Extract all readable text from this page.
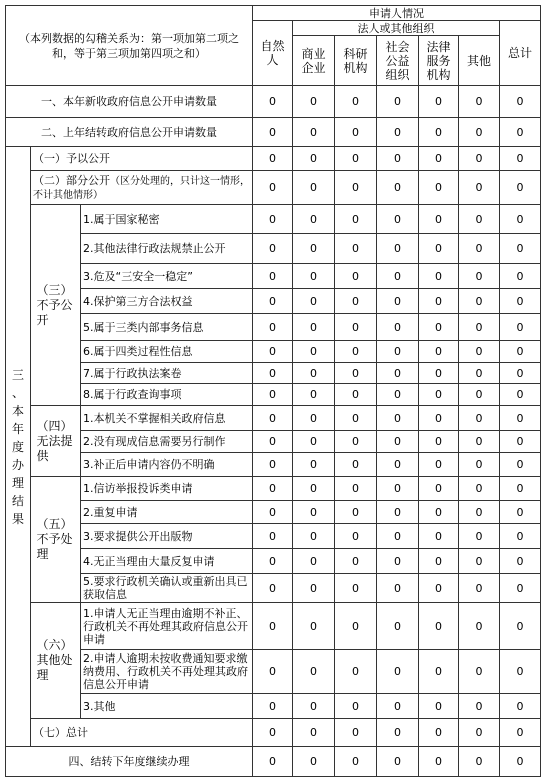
（本列数据的勾稽关系为：第一项加第二项之和，等于第三项加第四项之和）			申请人情况						

			自然人	法人或其他组织					总计

				商业企业	科研机构	社会公益组织	法律服务机构	其他	

一、本年新收政府信息公开申请数量			0	0	0	0	0	0	0
二、上年结转政府信息公开申请数量			0	0	0	0	0	0	0

三、本年度办理结果	（一）予以公开		0	0	0	0	0	0	0
	（二）部分公开（区分处理的，只计这一情形，不计其他情形）		0	0	0	0	0	0	0

	（三）不予公开	1.属于国家秘密	0	0	0	0	0	0	0
		2.其他法律行政法规禁止公开	0	0	0	0	0	0	0
		3.危及“三安全一稳定”	0	0	0	0	0	0	0
		4.保护第三方合法权益	0	0	0	0	0	0	0
		5.属于三类内部事务信息	0	0	0	0	0	0	0
		6.属于四类过程性信息	0	0	0	0	0	0	0
		7.属于行政执法案卷	0	0	0	0	0	0	0
		8.属于行政查询事项	0	0	0	0	0	0	0

	（四）无法提供	1.本机关不掌握相关政府信息	0	0	0	0	0	0	0
		2.没有现成信息需要另行制作	0	0	0	0	0	0	0
		3.补正后申请内容仍不明确	0	0	0	0	0	0	0

	（五）不予处理	1.信访举报投诉类申请	0	0	0	0	0	0	0
		2.重复申请	0	0	0	0	0	0	0
		3.要求提供公开出版物	0	0	0	0	0	0	0
		4.无正当理由大量反复申请	0	0	0	0	0	0	0
		5.要求行政机关确认或重新出具已获取信息	0	0	0	0	0	0	0

	（六）其他处理	1.申请人无正当理由逾期不补正、行政机关不再处理其政府信息公开申请	0	0	0	0	0	0	0
		2.申请人逾期未按收费通知要求缴纳费用、行政机关不再处理其政府信息公开申请	0	0	0	0	0	0	0
		3.其他	0	0	0	0	0	0	0
	（七）总计		0	0	0	0	0	0	0
四、结转下年度继续办理			0	0	0	0	0	0	0
